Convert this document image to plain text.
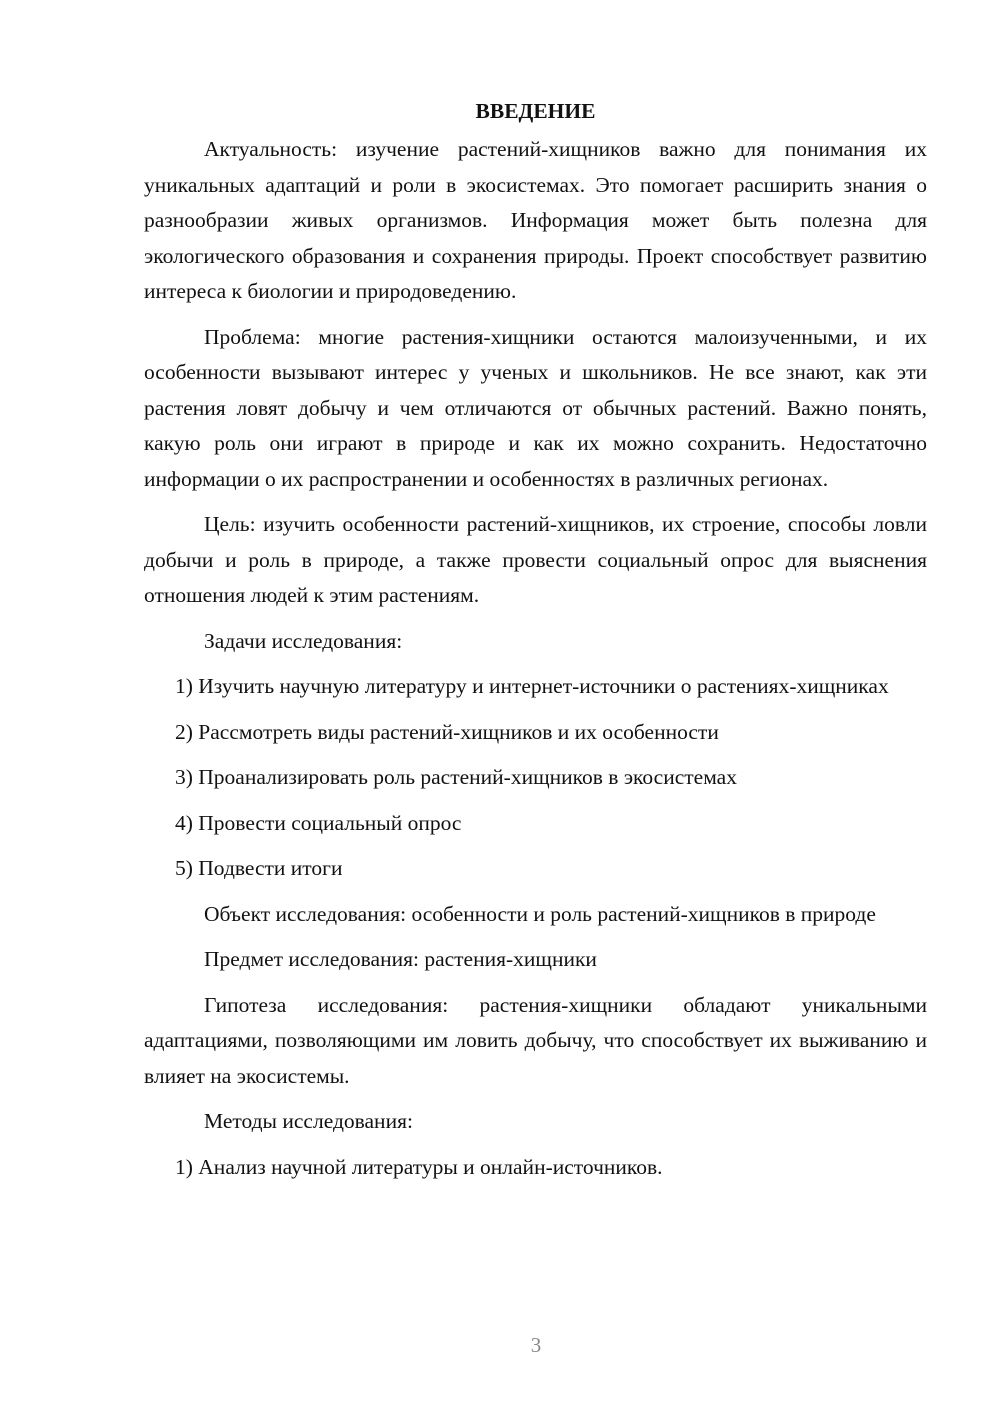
ВВЕДЕНИЕ

Актуальность: изучение растений-хищников важно для понимания их уникальных адаптаций и роли в экосистемах. Это помогает расширить знания о разнообразии живых организмов. Информация может быть полезна для экологического образования и сохранения природы. Проект способствует развитию интереса к биологии и природоведению.

Проблема: многие растения-хищники остаются малоизученными, и их особенности вызывают интерес у ученых и школьников. Не все знают, как эти растения ловят добычу и чем отличаются от обычных растений. Важно понять, какую роль они играют в природе и как их можно сохранить. Недостаточно информации о их распространении и особенностях в различных регионах.

Цель: изучить особенности растений-хищников, их строение, способы ловли добычи и роль в природе, а также провести социальный опрос для выяснения отношения людей к этим растениям.

Задачи исследования:

1) Изучить научную литературу и интернет-источники о растениях-хищниках

2) Рассмотреть виды растений-хищников и их особенности

3) Проанализировать роль растений-хищников в экосистемах

4) Провести социальный опрос

5) Подвести итоги

Объект исследования: особенности и роль растений-хищников в природе

Предмет исследования: растения-хищники

Гипотеза исследования: растения-хищники обладают уникальными адаптациями, позволяющими им ловить добычу, что способствует их выживанию и влияет на экосистемы.

Методы исследования:

1) Анализ научной литературы и онлайн-источников.

3
